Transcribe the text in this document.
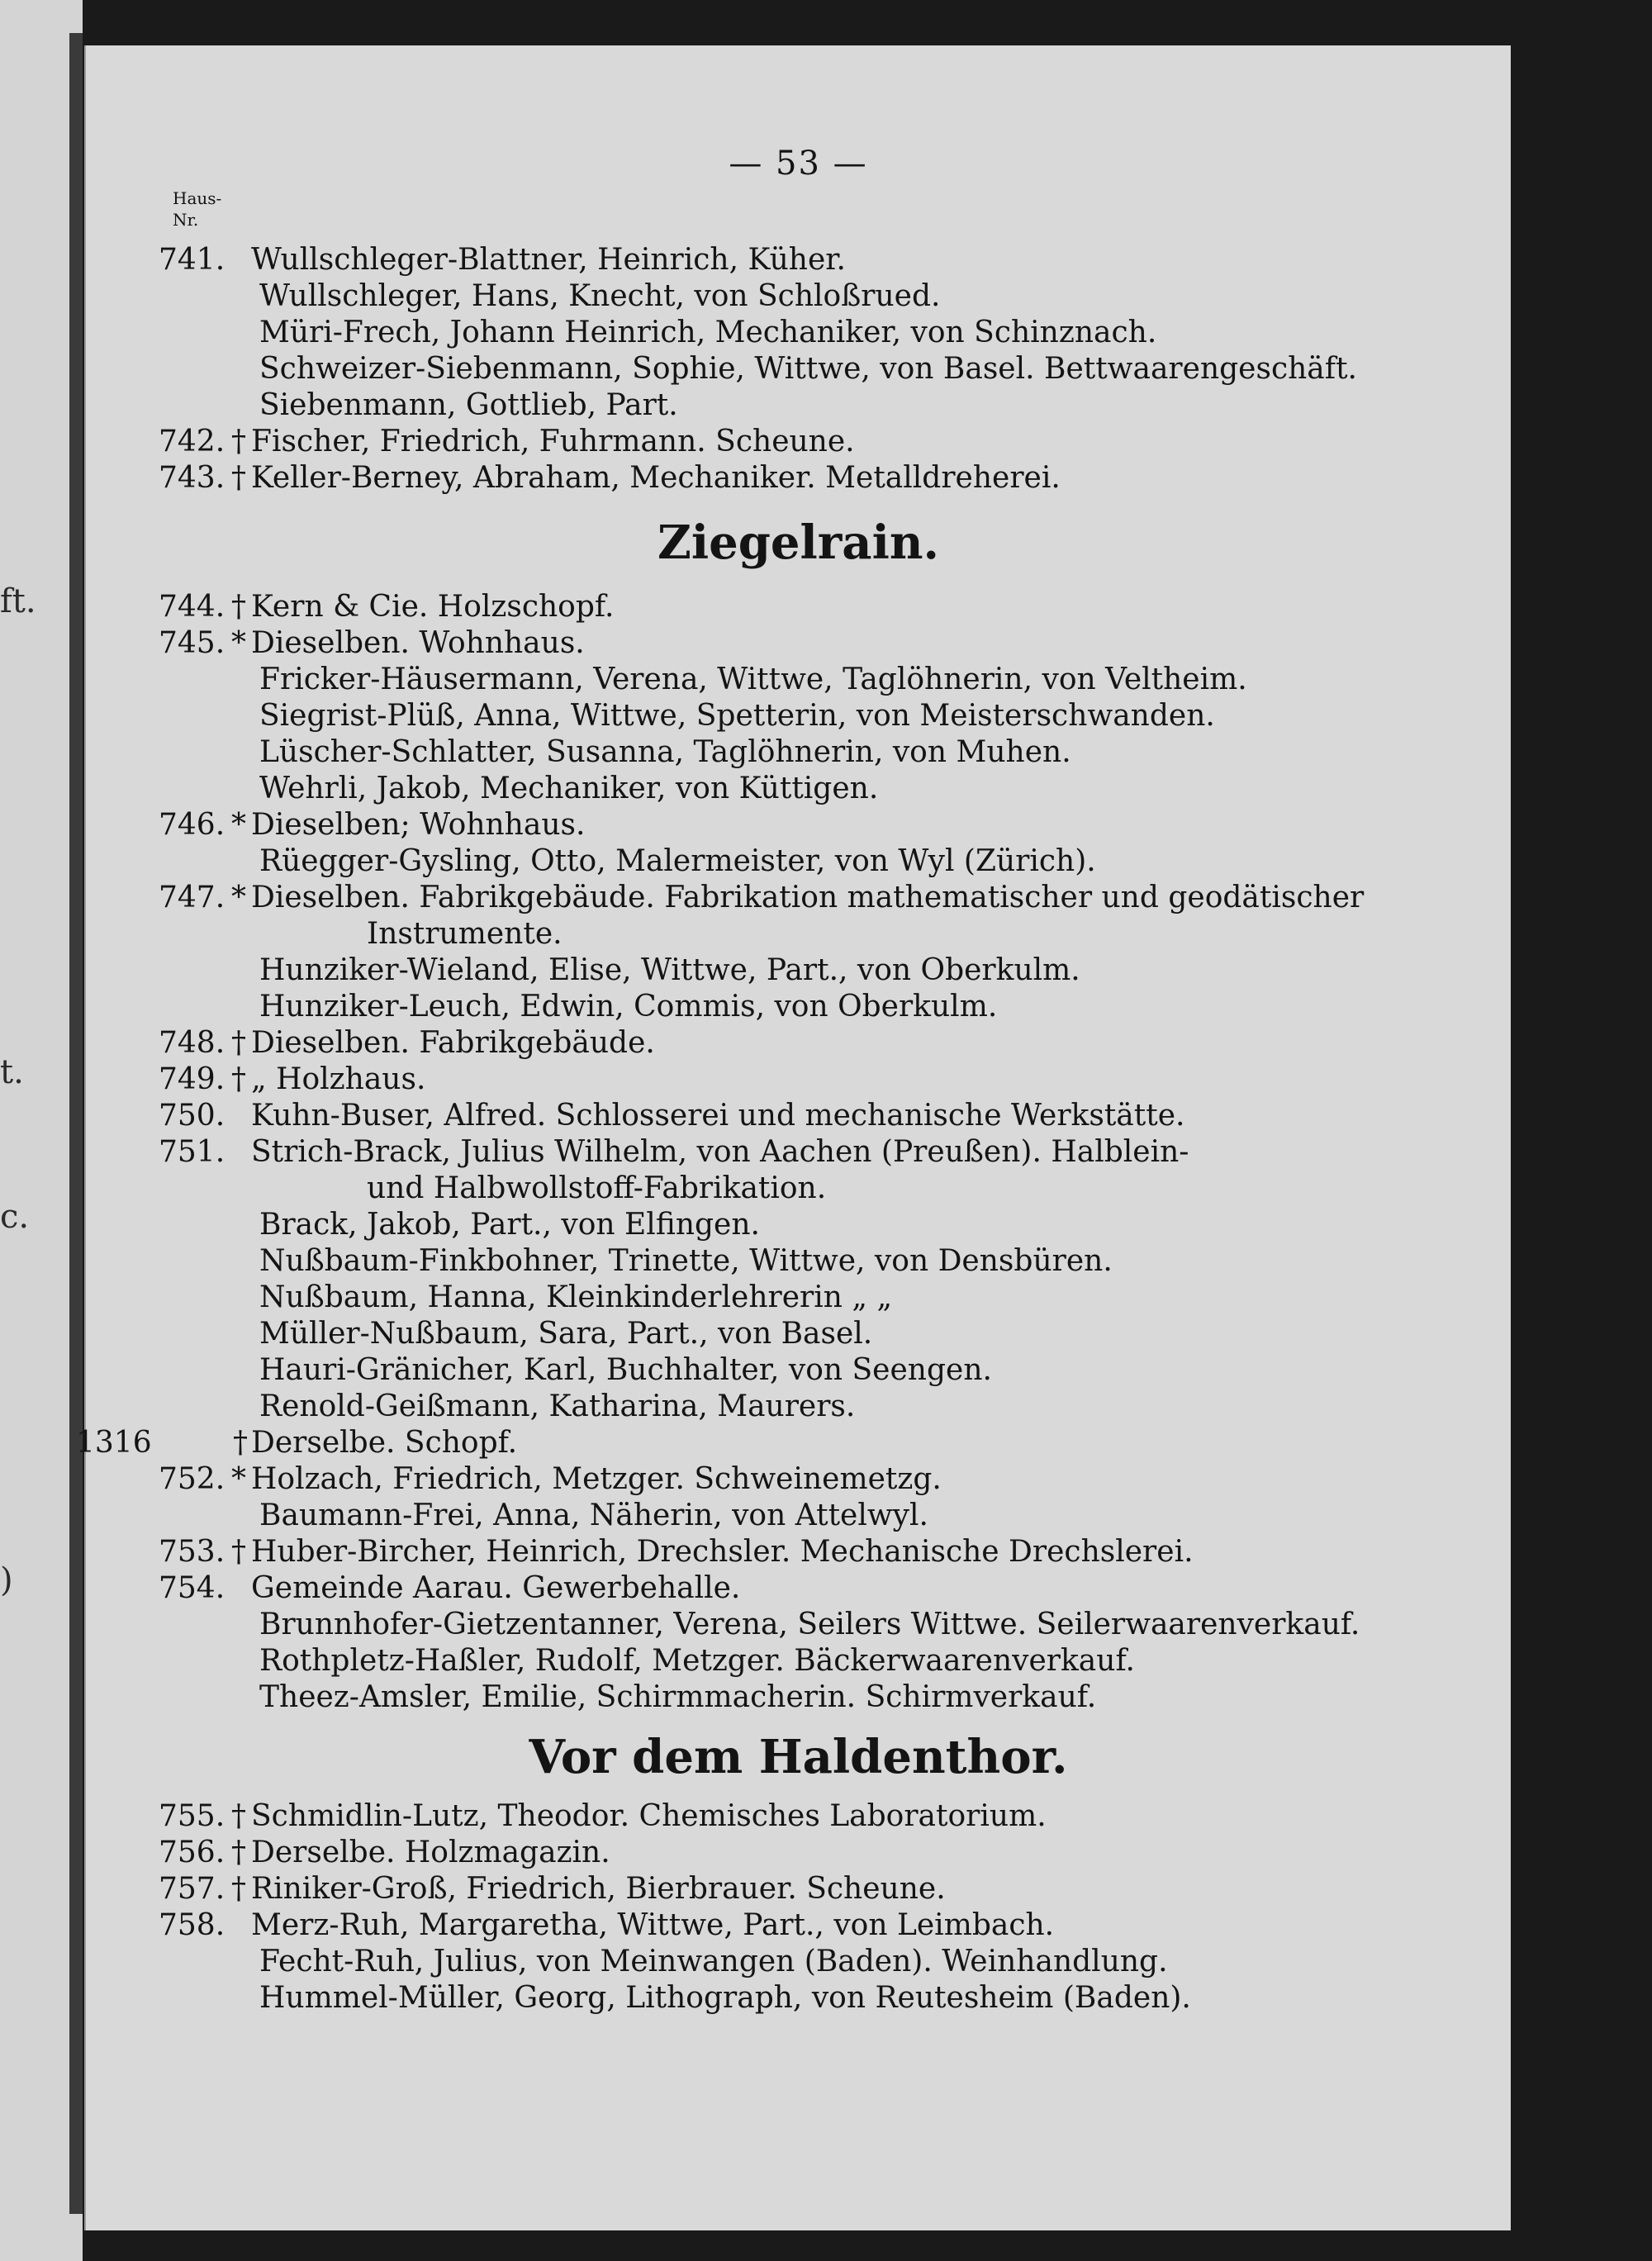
ft.
t.
c.
)
— 53 —
Haus-
Nr.
741. Wullschleger-Blattner, Heinrich, Küher.
Wullschleger, Hans, Knecht, von Schloßrued.
Müri-Frech, Johann Heinrich, Mechaniker, von Schinznach.
Schweizer-Siebenmann, Sophie, Wittwe, von Basel. Bettwaarengeschäft.
Siebenmann, Gottlieb, Part.
742. † Fischer, Friedrich, Fuhrmann. Scheune.
743. † Keller-Berney, Abraham, Mechaniker. Metalldreherei.
Ziegelrain.
744. † Kern & Cie. Holzschopf.
745. * Dieselben. Wohnhaus.
Fricker-Häusermann, Verena, Wittwe, Taglöhnerin, von Veltheim.
Siegrist-Plüß, Anna, Wittwe, Spetterin, von Meisterschwanden.
Lüscher-Schlatter, Susanna, Taglöhnerin, von Muhen.
Wehrli, Jakob, Mechaniker, von Küttigen.
746. * Dieselben; Wohnhaus.
Rüegger-Gysling, Otto, Malermeister, von Wyl (Zürich).
747. * Dieselben. Fabrikgebäude. Fabrikation mathematischer und geodätischer
Instrumente.
Hunziker-Wieland, Elise, Wittwe, Part., von Oberkulm.
Hunziker-Leuch, Edwin, Commis, von Oberkulm.
748. † Dieselben. Fabrikgebäude.
749. † „ Holzhaus.
750. Kuhn-Buser, Alfred. Schlosserei und mechanische Werkstätte.
751. Strich-Brack, Julius Wilhelm, von Aachen (Preußen). Halblein-
und Halbwollstoff-Fabrikation.
Brack, Jakob, Part., von Elfingen.
Nußbaum-Finkbohner, Trinette, Wittwe, von Densbüren.
Nußbaum, Hanna, Kleinkinderlehrerin „ „
Müller-Nußbaum, Sara, Part., von Basel.
Hauri-Gränicher, Karl, Buchhalter, von Seengen.
Renold-Geißmann, Katharina, Maurers.
1316	† Derselbe. Schopf.
752. * Holzach, Friedrich, Metzger. Schweinemetzg.
Baumann-Frei, Anna, Näherin, von Attelwyl.
753. † Huber-Bircher, Heinrich, Drechsler. Mechanische Drechslerei.
754. Gemeinde Aarau. Gewerbehalle.
Brunnhofer-Gietzentanner, Verena, Seilers Wittwe. Seilerwaarenverkauf.
Rothpletz-Haßler, Rudolf, Metzger. Bäckerwaarenverkauf.
Theez-Amsler, Emilie, Schirmmacherin. Schirmverkauf.
Vor dem Haldenthor.
755. † Schmidlin-Lutz, Theodor. Chemisches Laboratorium.
756. † Derselbe. Holzmagazin.
757. † Riniker-Groß, Friedrich, Bierbrauer. Scheune.
758. Merz-Ruh, Margaretha, Wittwe, Part., von Leimbach.
Fecht-Ruh, Julius, von Meinwangen (Baden). Weinhandlung.
Hummel-Müller, Georg, Lithograph, von Reutesheim (Baden).
